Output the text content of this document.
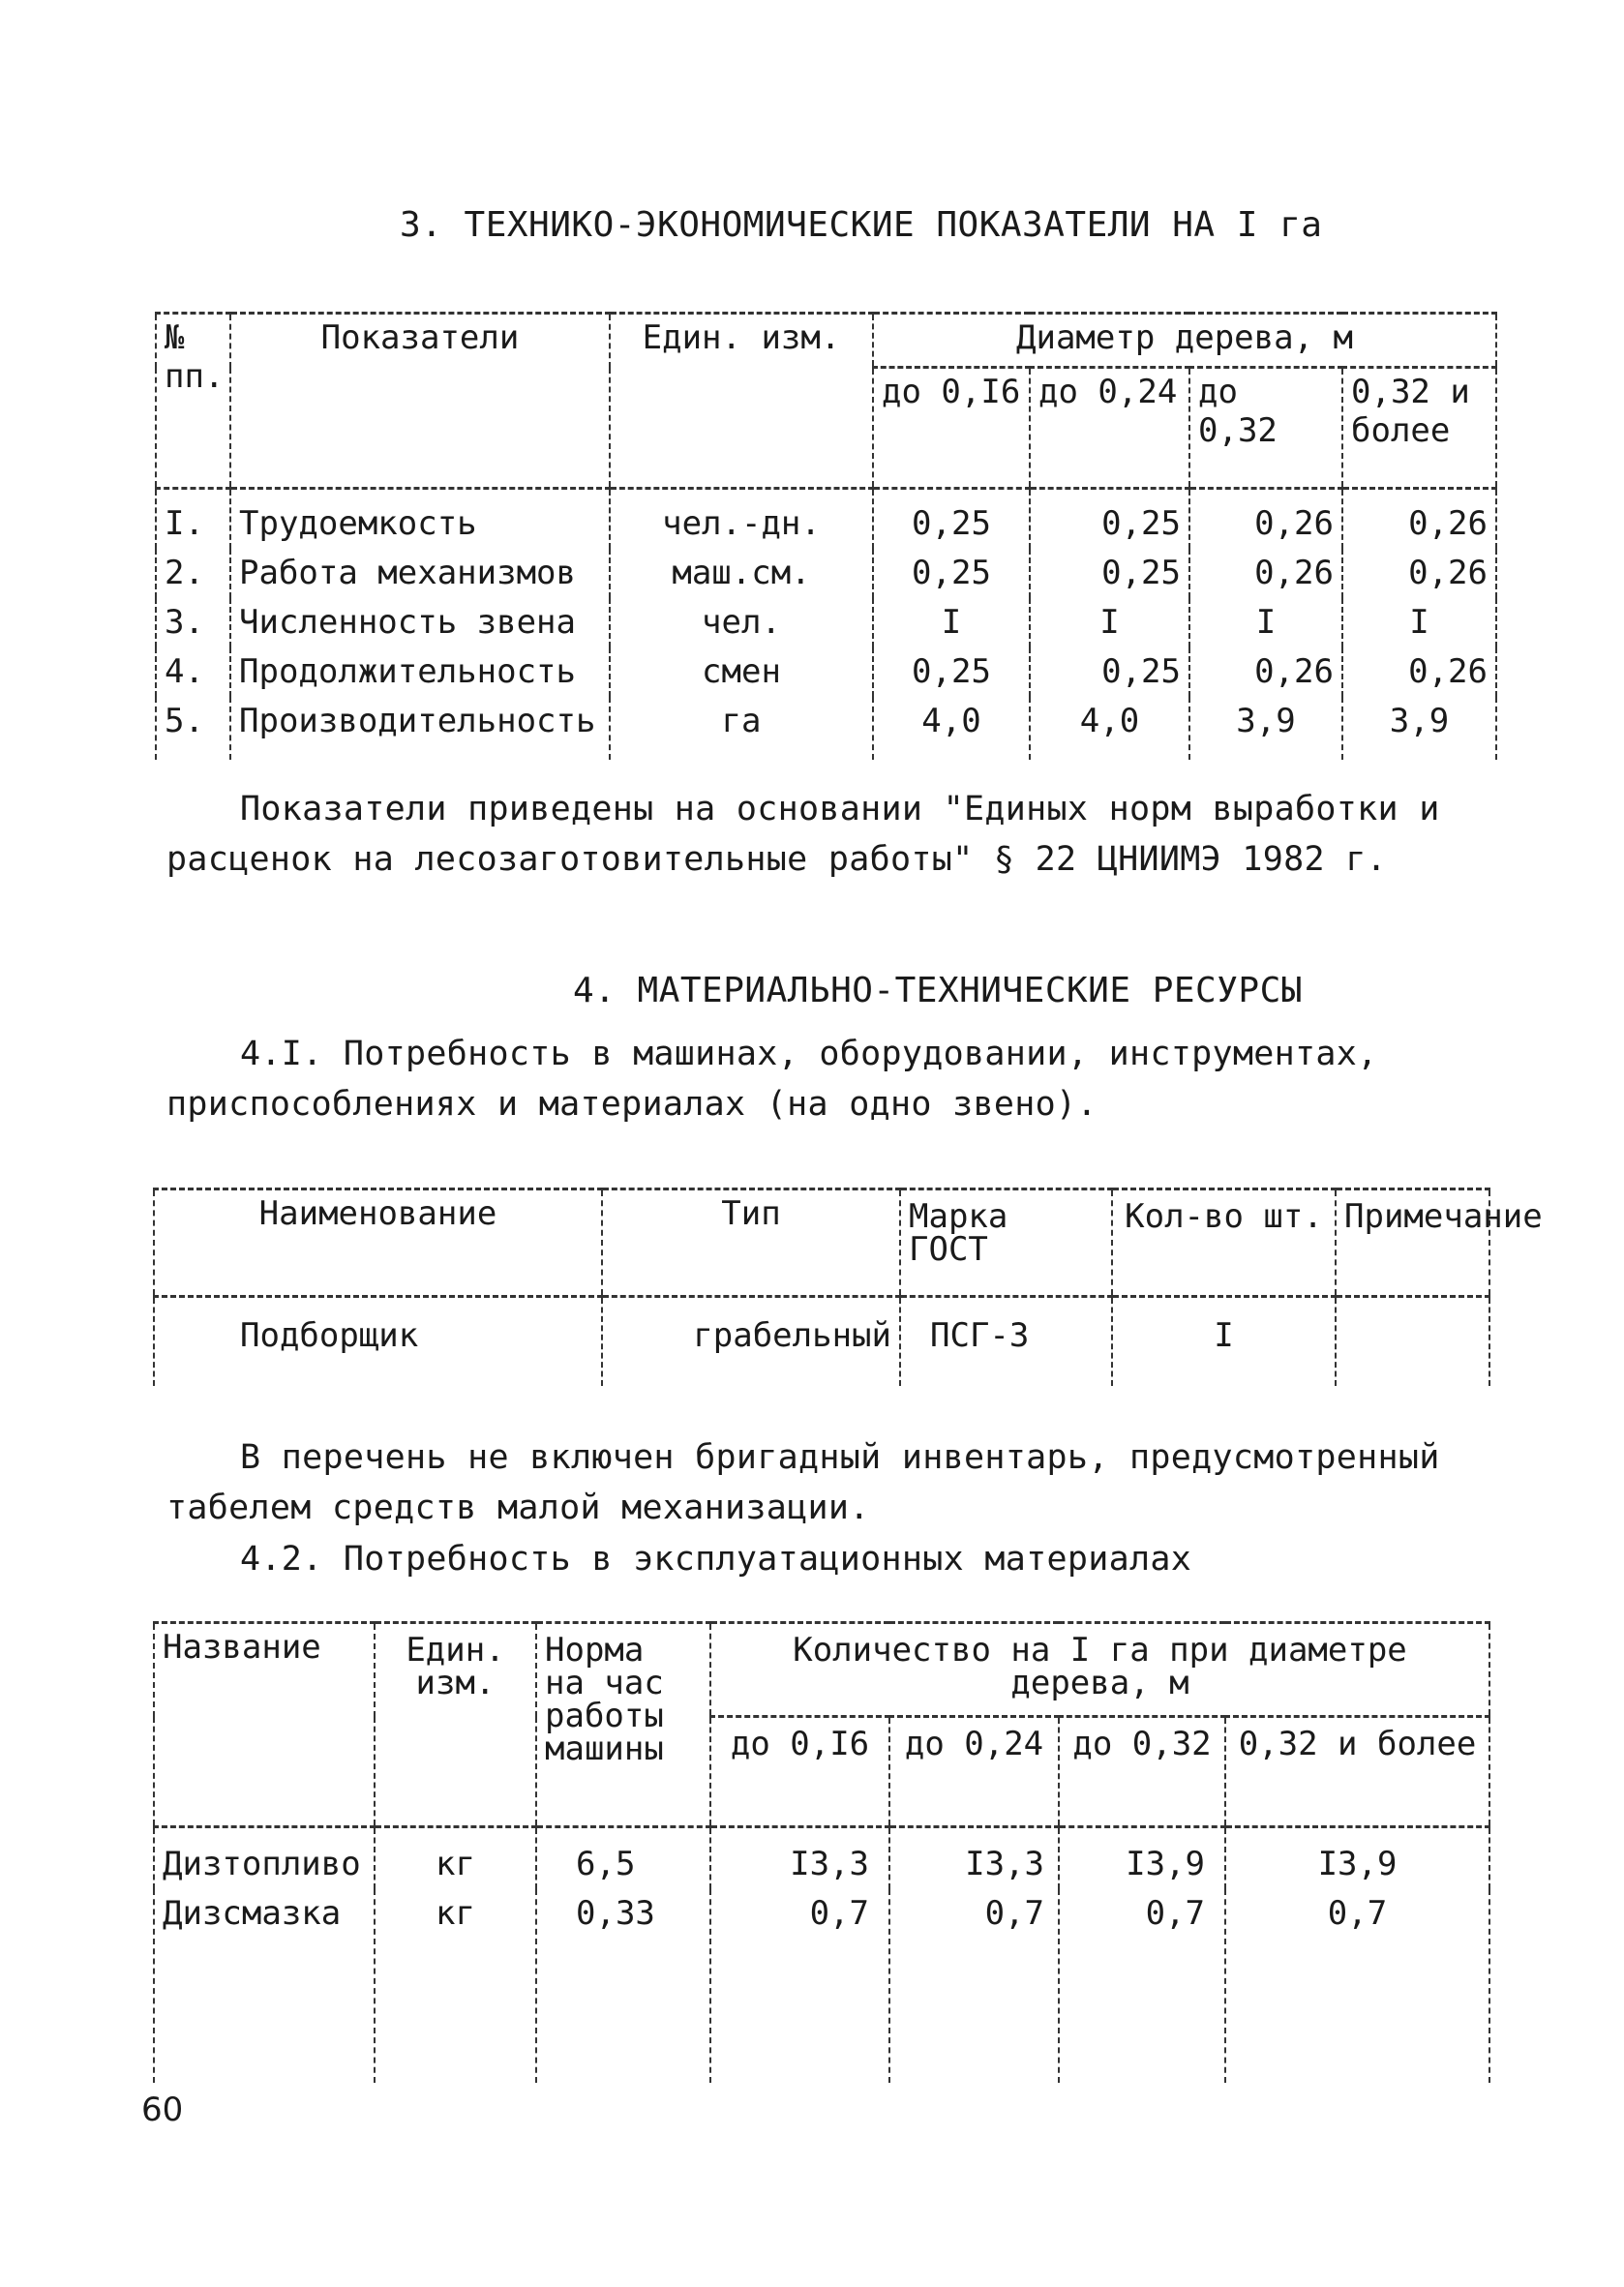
3. ТЕХНИКО-ЭКОНОМИЧЕСКИЕ ПОКАЗАТЕЛИ НА I га
№ пп.	Показатели	Един. изм.	Диаметр дерева, м			
			до 0,I6	до 0,24	до 0,32	0,32 и более
I.	Трудоемкость	чел.-дн.	0,25	0,25	0,26	0,26
2.	Работа механизмов	маш.см.	0,25	0,25	0,26	0,26
3.	Численность звена	чел.	I	I	I	I
4.	Продолжительность	смен	0,25	0,25	0,26	0,26
5.	Производительность	га	4,0	4,0	3,9	3,9
Показатели приведены на основании "Единых норм выработки и расценок на лесозаготовительные работы" § 22 ЦНИИМЭ 1982 г.
4. МАТЕРИАЛЬНО-ТЕХНИЧЕСКИЕ РЕСУРСЫ
4.I. Потребность в машинах, оборудовании, инструментах, приспособлениях и материалах (на одно звено).
Наименование	Тип	Марка ГОСТ	Кол-во шт.	Примечание
Подборщик	грабельный	ПСГ-3	I	
В перечень не включен бригадный инвентарь, предусмотренный табелем средств малой механизации.
4.2. Потребность в эксплуатационных материалах
Название	Един. изм.	Норма на час работы машины	Количество на I га при диаметре дерева, м			
			до 0,I6	до 0,24	до 0,32	0,32 и более
Дизтопливо	кг	6,5	I3,3	I3,3	I3,9	I3,9
Дизсмазка	кг	0,33	0,7	0,7	0,7	0,7
60
